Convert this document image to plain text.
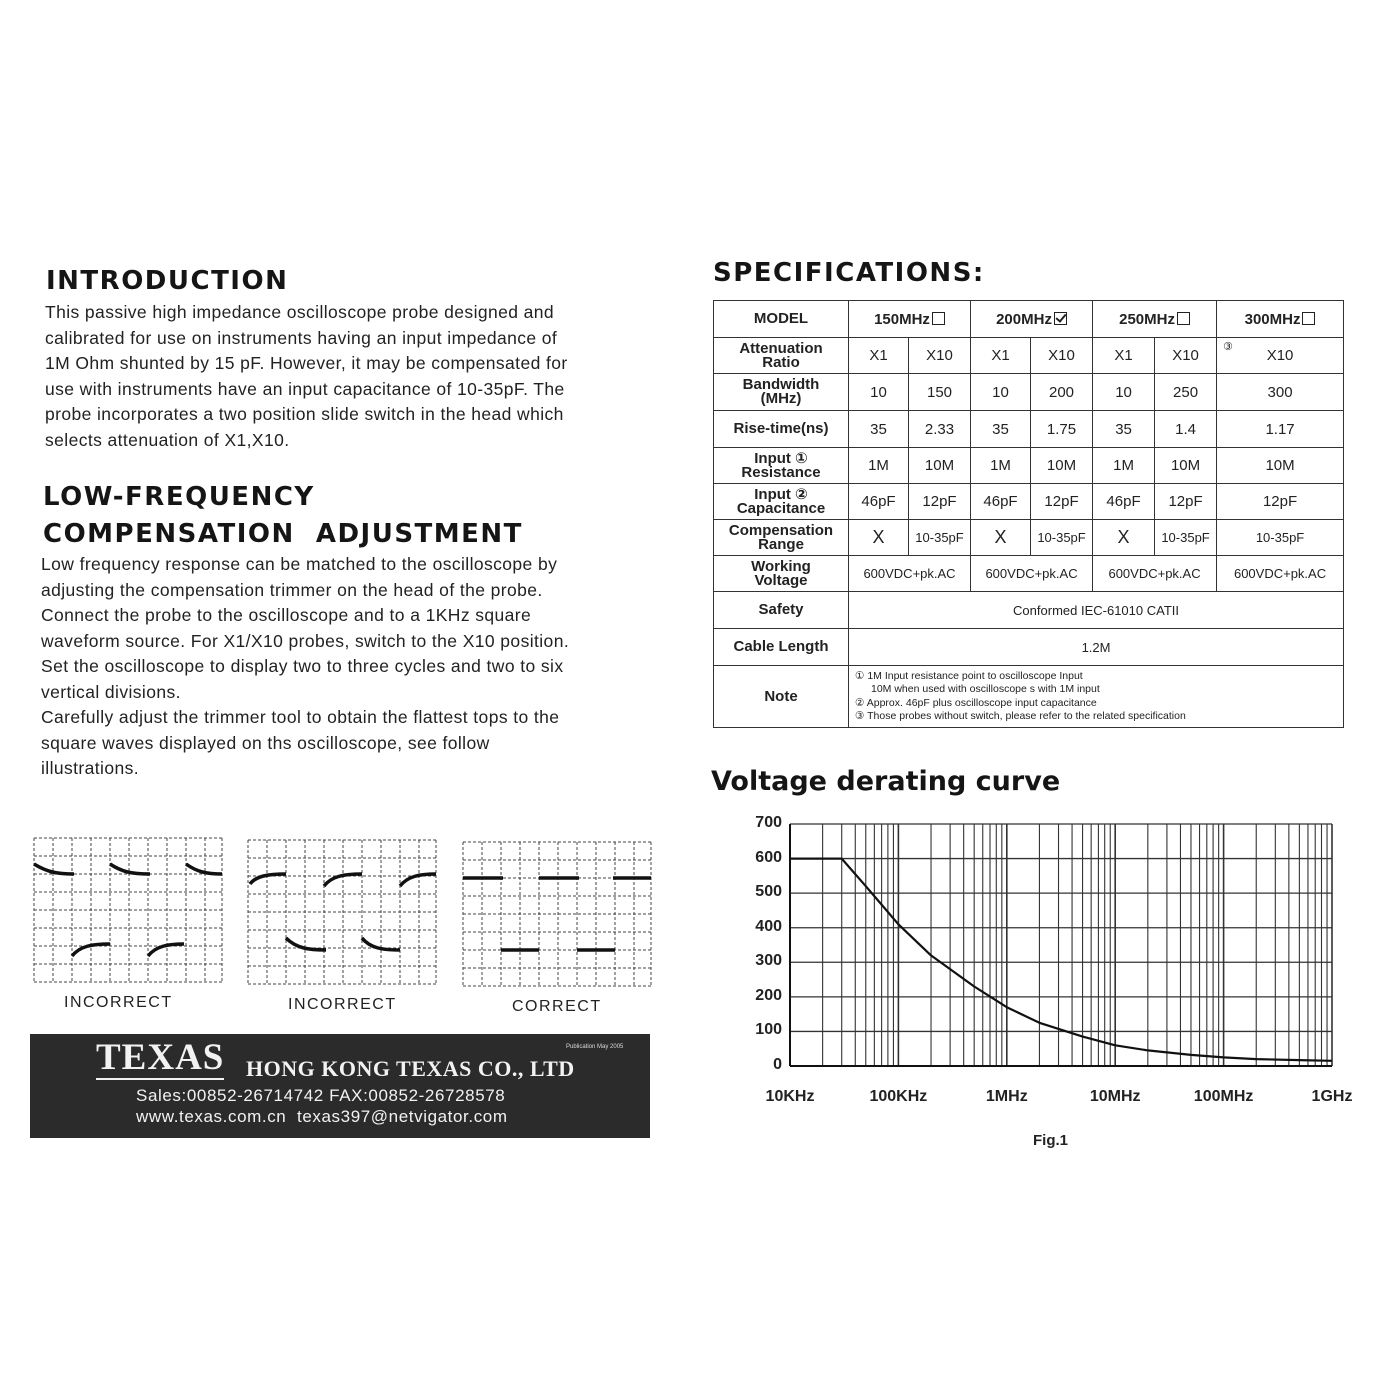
INTRODUCTION
This passive high impedance oscilloscope probe designed and
calibrated for use on instruments having an input impedance of
1M Ohm shunted by 15 pF. However, it may be compensated for
use with instruments have an input capacitance of 10-35pF. The
probe incorporates a two position slide switch in the head which
selects attenuation of X1,X10.
LOW-FREQUENCY
COMPENSATION  ADJUSTMENT
Low frequency response can be matched to the oscilloscope by
adjusting the compensation trimmer on the head of the probe.
Connect the probe to the oscilloscope and to a 1KHz square
waveform source. For X1/X10 probes, switch to the X10 position.
Set the oscilloscope to display two to three cycles and two to six
vertical divisions.
Carefully adjust the trimmer tool to obtain the flattest tops to the
square waves displayed on ths oscilloscope, see follow
illustrations.
INCORRECT	INCORRECT	CORRECT
TEXAS HONG KONG TEXAS CO., LTD
Publication May 2005
Sales:00852-26714742 FAX:00852-26728578
www.texas.com.cn  texas397@netvigator.com
SPECIFICATIONS:
MODEL	150MHz		200MHz		250MHz		300MHz

Attenuation
Ratio	X1	X10	X1	X10	X1	X10	③ X10

Bandwidth
(MHz)	10	150	10	200	10	250	300
Rise-time(ns)	35	2.33	35	1.75	35	1.4	1.17

Input ①
Resistance	1M	10M	1M	10M	1M	10M	10M

Input ②
Capacitance	46pF	12pF	46pF	12pF	46pF	12pF	12pF

Compensation
Range	X	10-35pF	X	10-35pF	X	10-35pF	10-35pF

Working
Voltage	600VDC+pk.AC		600VDC+pk.AC		600VDC+pk.AC		600VDC+pk.AC
Safety	Conformed IEC-61010 CATII						
Cable Length	1.2M						
Note	① 1M Input resistance point to oscilloscope Input
10M when used with oscilloscope s with 1M input
② Approx. 46pF plus oscilloscope input capacitance
③ Those probes without switch, please refer to the related specification						
Voltage derating curve
700
600
500
400
300
200
100
0
10KHz	100KHz	1MHz	10MHz	100MHz	1GHz
Fig.1
